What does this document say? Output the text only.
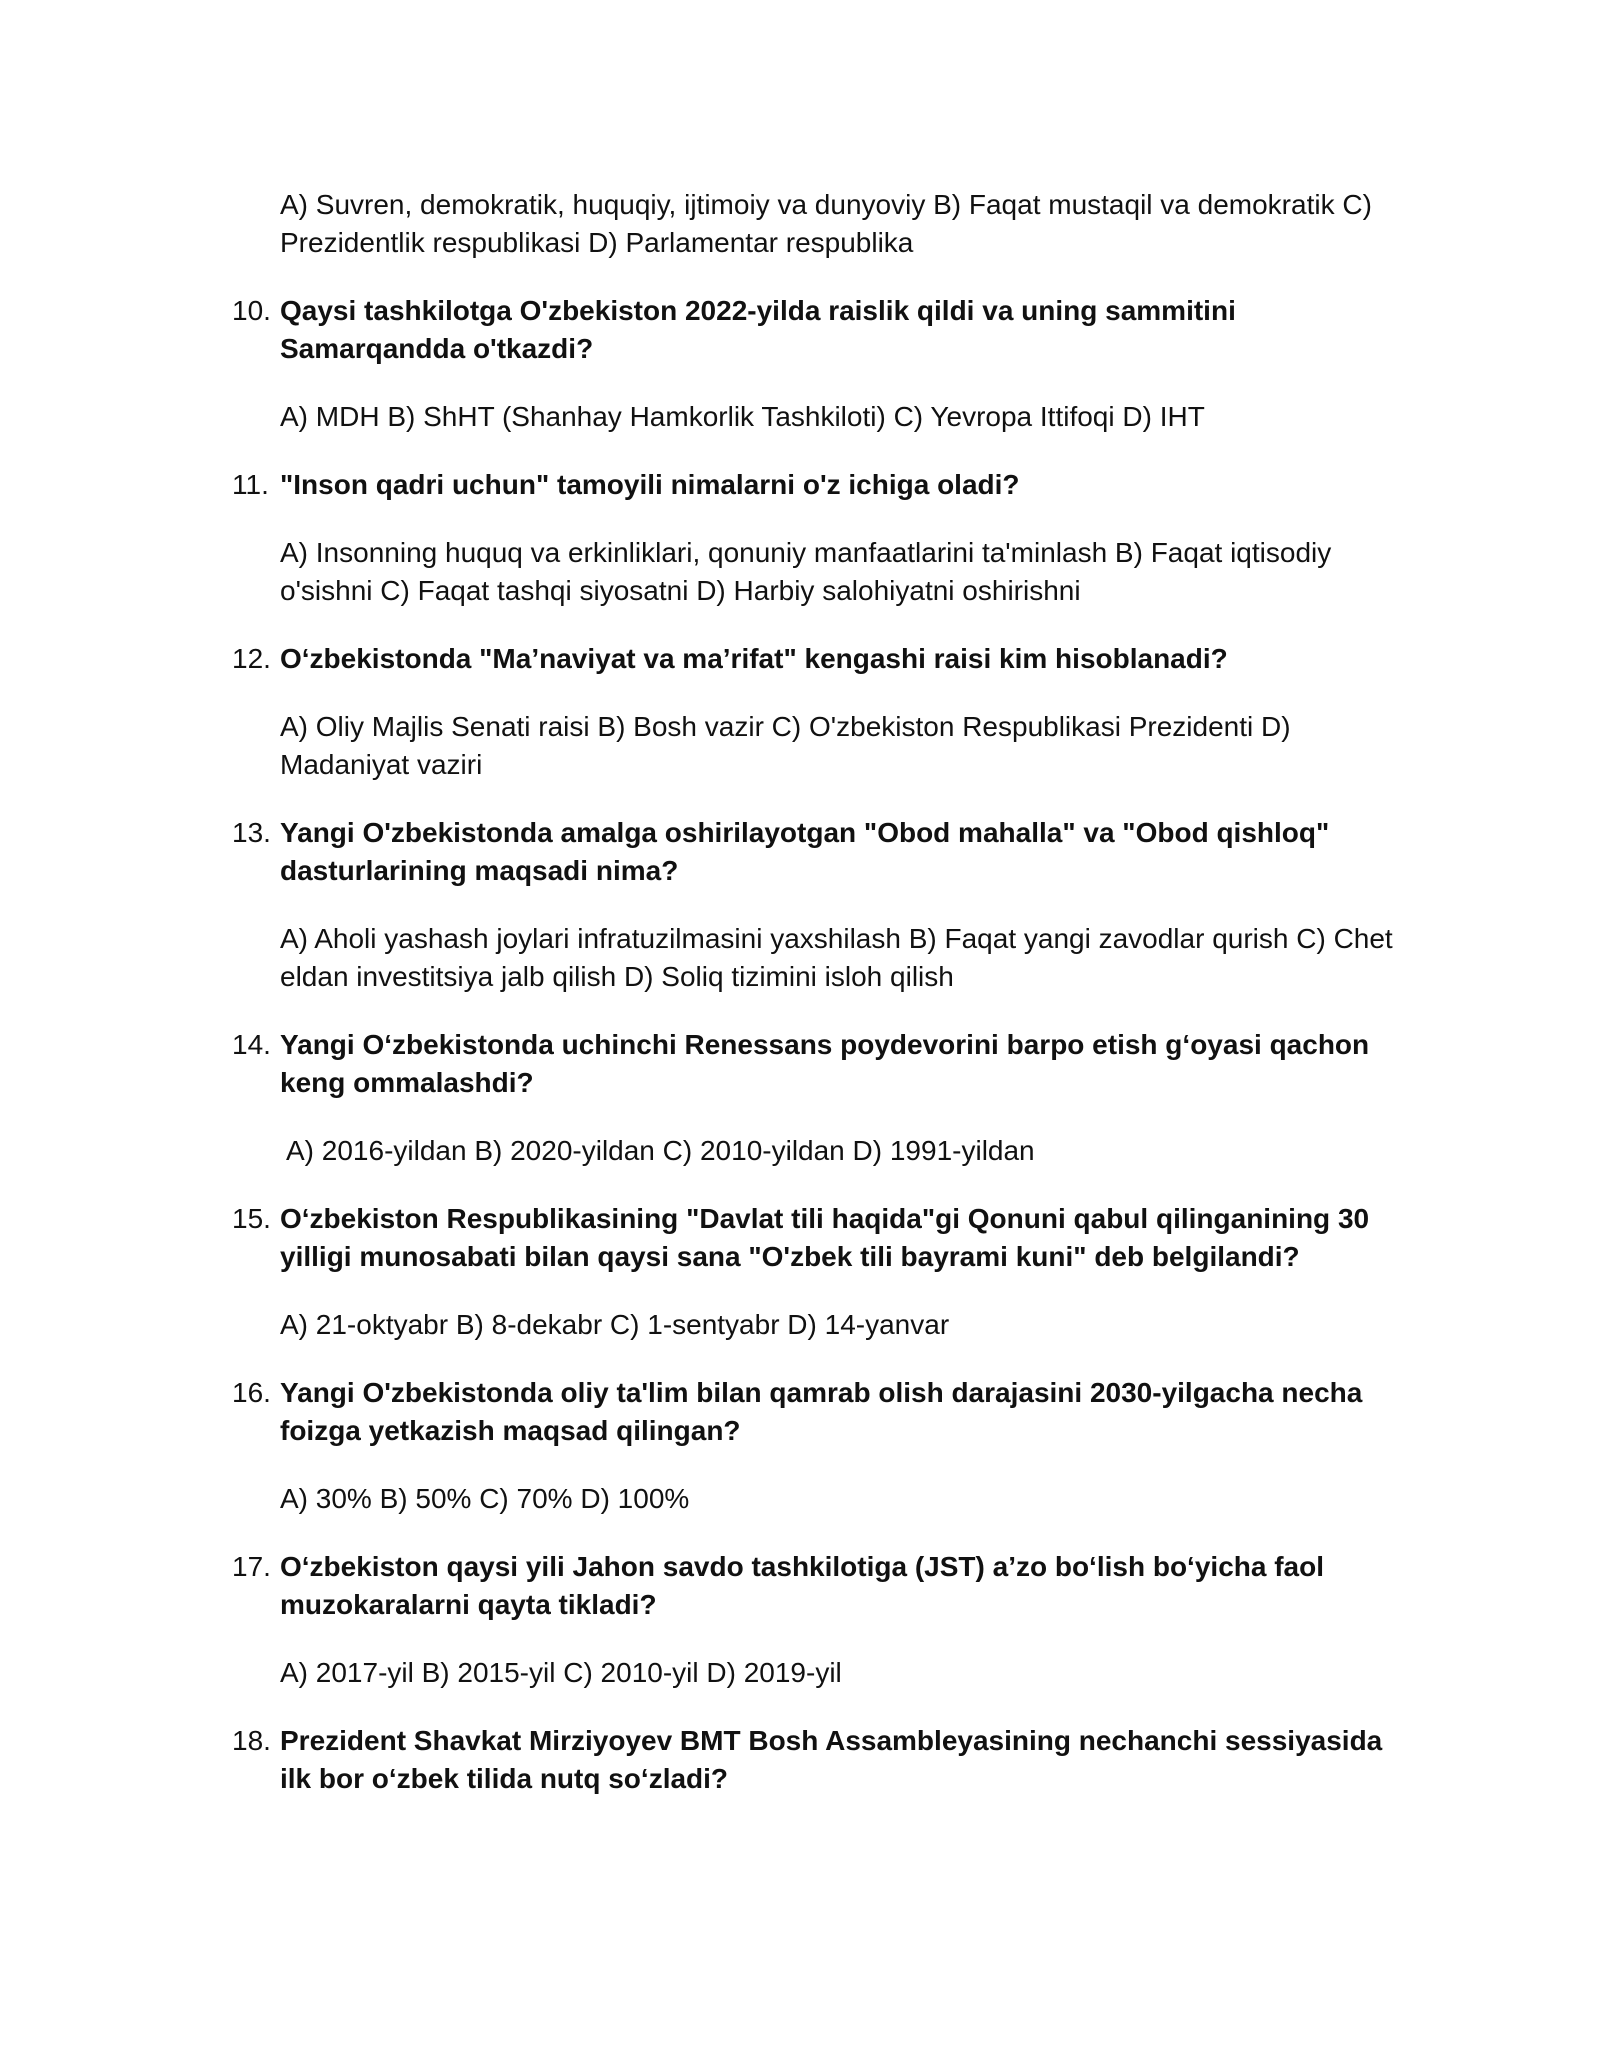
A) Suvren, demokratik, huquqiy, ijtimoiy va dunyoviy B) Faqat mustaqil va demokratik C) Prezidentlik respublikasi D) Parlamentar respublika

10. Qaysi tashkilotga O'zbekiston 2022-yilda raislik qildi va uning sammitini Samarqandda o'tkazdi?

A) MDH B) ShHT (Shanhay Hamkorlik Tashkiloti) C) Yevropa Ittifoqi D) IHT

11. "Inson qadri uchun" tamoyili nimalarni o'z ichiga oladi?

A) Insonning huquq va erkinliklari, qonuniy manfaatlarini ta'minlash B) Faqat iqtisodiy o'sishni C) Faqat tashqi siyosatni D) Harbiy salohiyatni oshirishni

12. O‘zbekistonda "Ma’naviyat va ma’rifat" kengashi raisi kim hisoblanadi?

A) Oliy Majlis Senati raisi B) Bosh vazir C) O'zbekiston Respublikasi Prezidenti D) Madaniyat vaziri

13. Yangi O'zbekistonda amalga oshirilayotgan "Obod mahalla" va "Obod qishloq" dasturlarining maqsadi nima?

A) Aholi yashash joylari infratuzilmasini yaxshilash B) Faqat yangi zavodlar qurish C) Chet eldan investitsiya jalb qilish D) Soliq tizimini isloh qilish

14. Yangi O‘zbekistonda uchinchi Renessans poydevorini barpo etish g‘oyasi qachon keng ommalashdi?

A) 2016-yildan B) 2020-yildan C) 2010-yildan D) 1991-yildan

15. O‘zbekiston Respublikasining "Davlat tili haqida"gi Qonuni qabul qilinganining 30 yilligi munosabati bilan qaysi sana "O'zbek tili bayrami kuni" deb belgilandi?

A) 21-oktyabr B) 8-dekabr C) 1-sentyabr D) 14-yanvar

16. Yangi O'zbekistonda oliy ta'lim bilan qamrab olish darajasini 2030-yilgacha necha foizga yetkazish maqsad qilingan?

A) 30% B) 50% C) 70% D) 100%

17. O‘zbekiston qaysi yili Jahon savdo tashkilotiga (JST) a’zo bo‘lish bo‘yicha faol muzokaralarni qayta tikladi?

A) 2017-yil B) 2015-yil C) 2010-yil D) 2019-yil

18. Prezident Shavkat Mirziyoyev BMT Bosh Assambleyasining nechanchi sessiyasida ilk bor o‘zbek tilida nutq so‘zladi?
